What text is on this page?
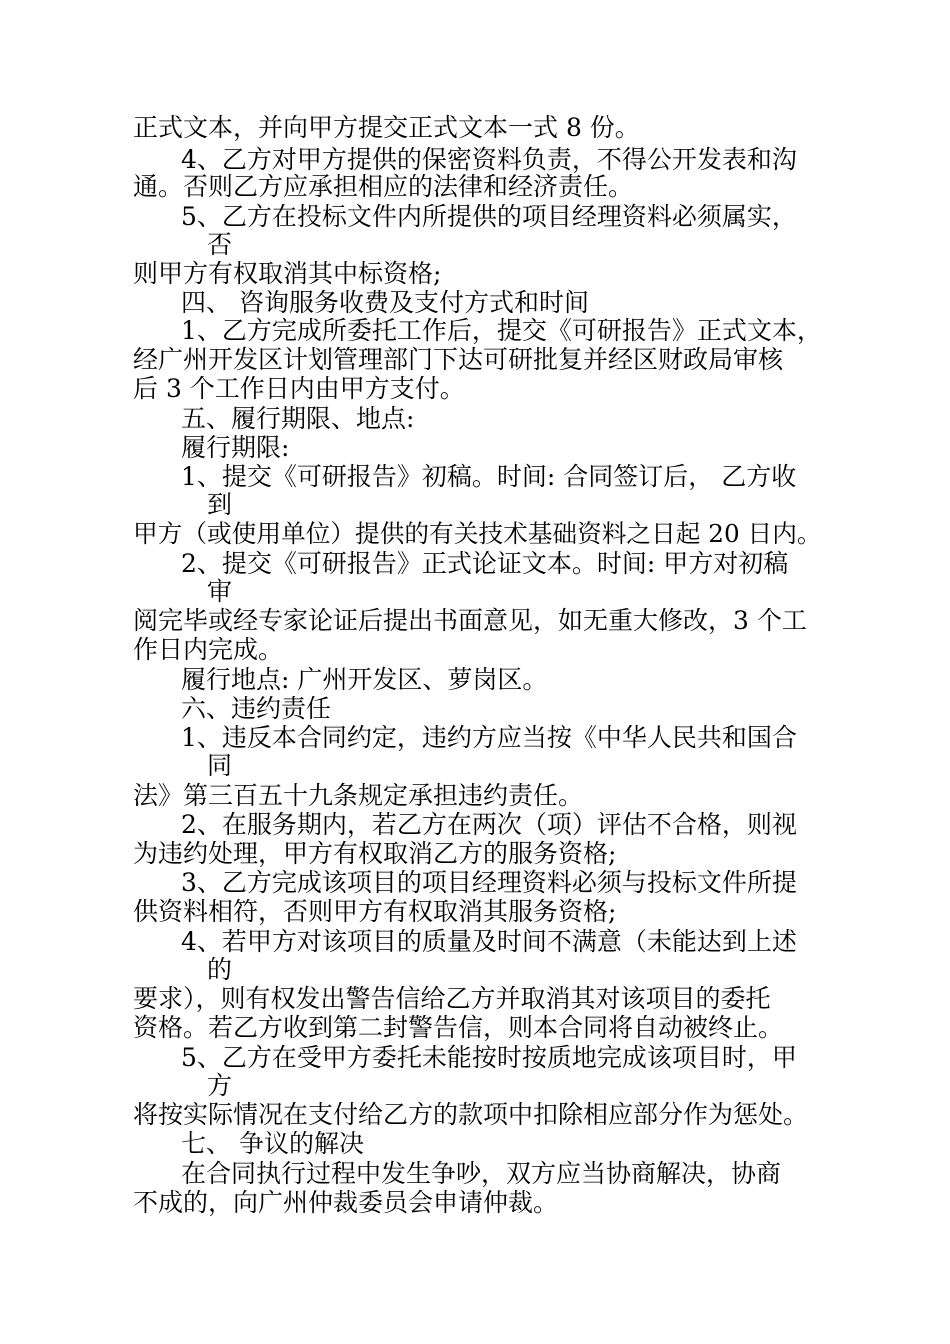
正式文本，并向甲方提交正式文本一式 8 份。
4、乙方对甲方提供的保密资料负责，不得公开发表和沟
通。否则乙方应承担相应的法律和经济责任。
5、乙方在投标文件内所提供的项目经理资料必须属实，
否
则甲方有权取消其中标资格;
四、 咨询服务收费及支付方式和时间
1、乙方完成所委托工作后，提交《可研报告》正式文本，
经广州开发区计划管理部门下达可研批复并经区财政局审核
后 3 个工作日内由甲方支付。
五、履行期限、地点:
履行期限:
1、提交《可研报告》初稿。时间: 合同签订后， 乙方收
到
甲方（或使用单位）提供的有关技术基础资料之日起 20 日内。
2、提交《可研报告》正式论证文本。时间: 甲方对初稿
审
阅完毕或经专家论证后提出书面意见，如无重大修改，3 个工
作日内完成。
履行地点: 广州开发区、萝岗区。
六、违约责任
1、违反本合同约定，违约方应当按《中华人民共和国合
同
法》第三百五十九条规定承担违约责任。
2、在服务期内，若乙方在两次（项）评估不合格，则视
为违约处理，甲方有权取消乙方的服务资格;
3、乙方完成该项目的项目经理资料必须与投标文件所提
供资料相符，否则甲方有权取消其服务资格;
4、若甲方对该项目的质量及时间不满意（未能达到上述
的
要求），则有权发出警告信给乙方并取消其对该项目的委托
资格。若乙方收到第二封警告信，则本合同将自动被终止。
5、乙方在受甲方委托未能按时按质地完成该项目时，甲
方
将按实际情况在支付给乙方的款项中扣除相应部分作为惩处。
七、 争议的解决
在合同执行过程中发生争吵，双方应当协商解决，协商
不成的，向广州仲裁委员会申请仲裁。
